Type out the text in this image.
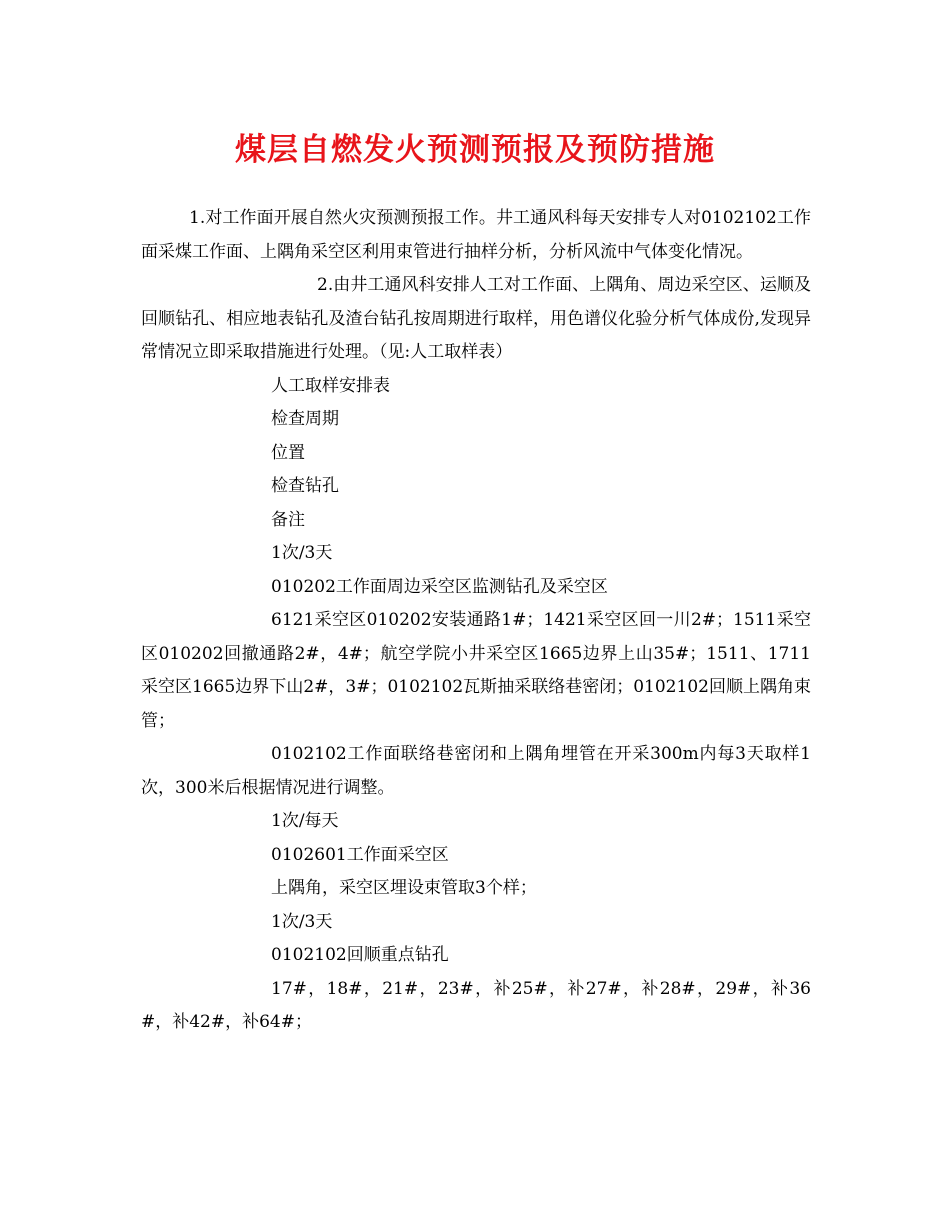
煤层自燃发火预测预报及预防措施

1.对工作面开展自然火灾预测预报工作。井工通风科每天安排专人对0102102工作面采煤工作面、上隅角采空区利用束管进行抽样分析，分析风流中气体变化情况。

2.由井工通风科安排人工对工作面、上隅角、周边采空区、运顺及回顺钻孔、相应地表钻孔及渣台钻孔按周期进行取样，用色谱仪化验分析气体成份,发现异常情况立即采取措施进行处理。（见:人工取样表）

人工取样安排表

检查周期

位置

检查钻孔

备注

1次/3天

010202工作面周边采空区监测钻孔及采空区

6121采空区010202安装通路1#；1421采空区回一川2#；1511采空区010202回撤通路2#，4#；航空学院小井采空区1665边界上山35#；1511、1711采空区1665边界下山2#，3#；0102102瓦斯抽采联络巷密闭；0102102回顺上隅角束管；

0102102工作面联络巷密闭和上隅角埋管在开采300m内每3天取样1次，300米后根据情况进行调整。

1次/每天

0102601工作面采空区

上隅角，采空区埋设束管取3个样；

1次/3天

0102102回顺重点钻孔

17#，18#，21#，23#，补25#，补27#，补28#，29#，补36#，补42#，补64#；
